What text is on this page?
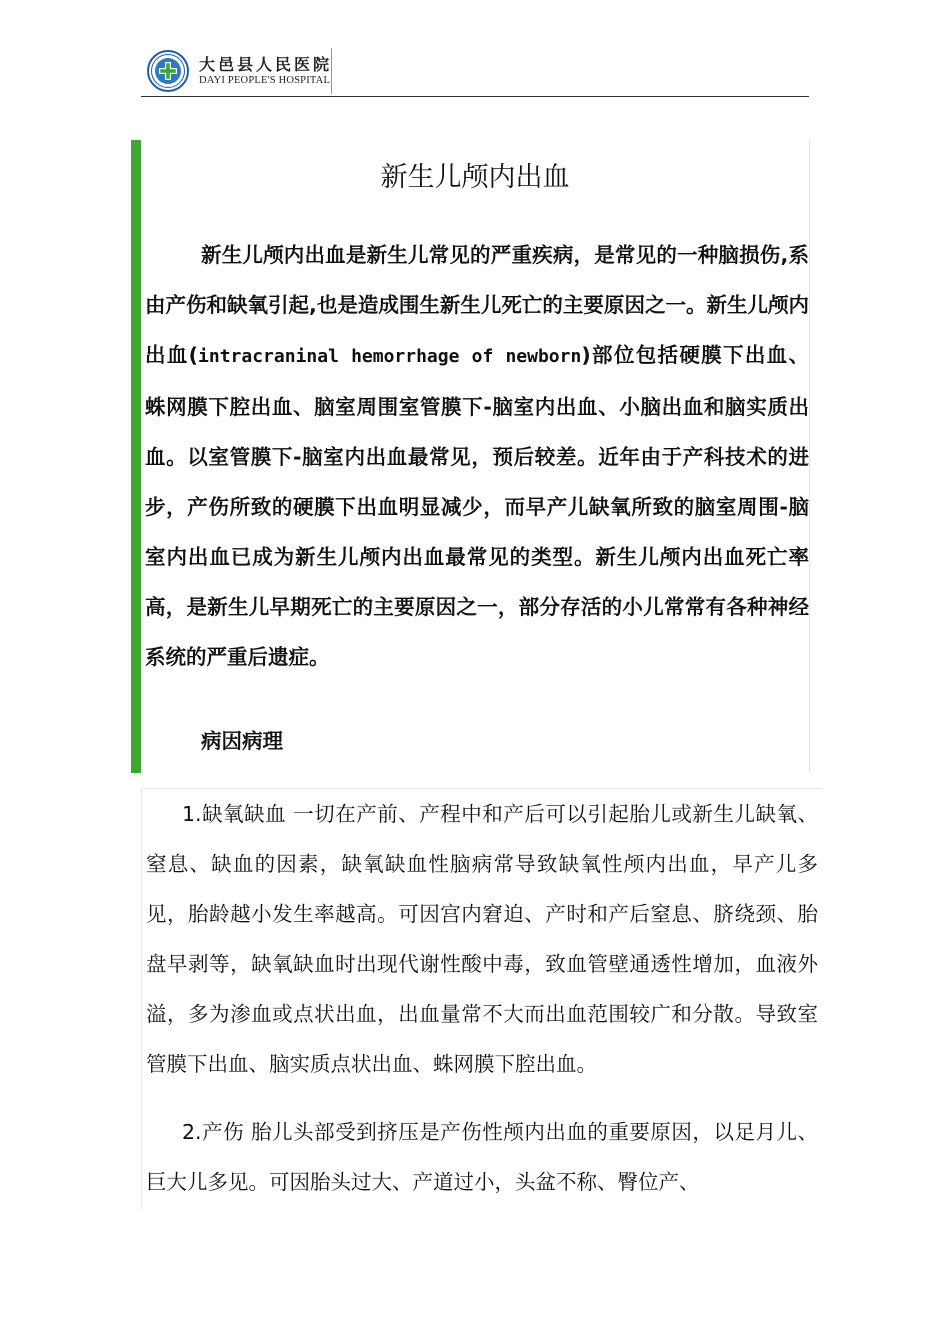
大邑县人民医院
DAYI PEOPLE'S HOSPITAL
新生儿颅内出血

新生儿颅内出血是新生儿常见的严重疾病，是常见的一种脑损伤,系由产伤和缺氧引起,也是造成围生新生儿死亡的主要原因之一。新生儿颅内出血(intracraninal hemorrhage of newborn)部位包括硬膜下出血、蛛网膜下腔出血、脑室周围室管膜下-脑室内出血、小脑出血和脑实质出血。以室管膜下-脑室内出血最常见，预后较差。近年由于产科技术的进步，产伤所致的硬膜下出血明显减少，而早产儿缺氧所致的脑室周围-脑室内出血已成为新生儿颅内出血最常见的类型。新生儿颅内出血死亡率高，是新生儿早期死亡的主要原因之一，部分存活的小儿常常有各种神经系统的严重后遗症。

病因病理

1.缺氧缺血 一切在产前、产程中和产后可以引起胎儿或新生儿缺氧、窒息、缺血的因素，缺氧缺血性脑病常导致缺氧性颅内出血，早产儿多见，胎龄越小发生率越高。可因宫内窘迫、产时和产后窒息、脐绕颈、胎盘早剥等，缺氧缺血时出现代谢性酸中毒，致血管壁通透性增加，血液外溢，多为渗血或点状出血，出血量常不大而出血范围较广和分散。导致室管膜下出血、脑实质点状出血、蛛网膜下腔出血。

2.产伤 胎儿头部受到挤压是产伤性颅内出血的重要原因，以足月儿、巨大儿多见。可因胎头过大、产道过小，头盆不称、臀位产、
